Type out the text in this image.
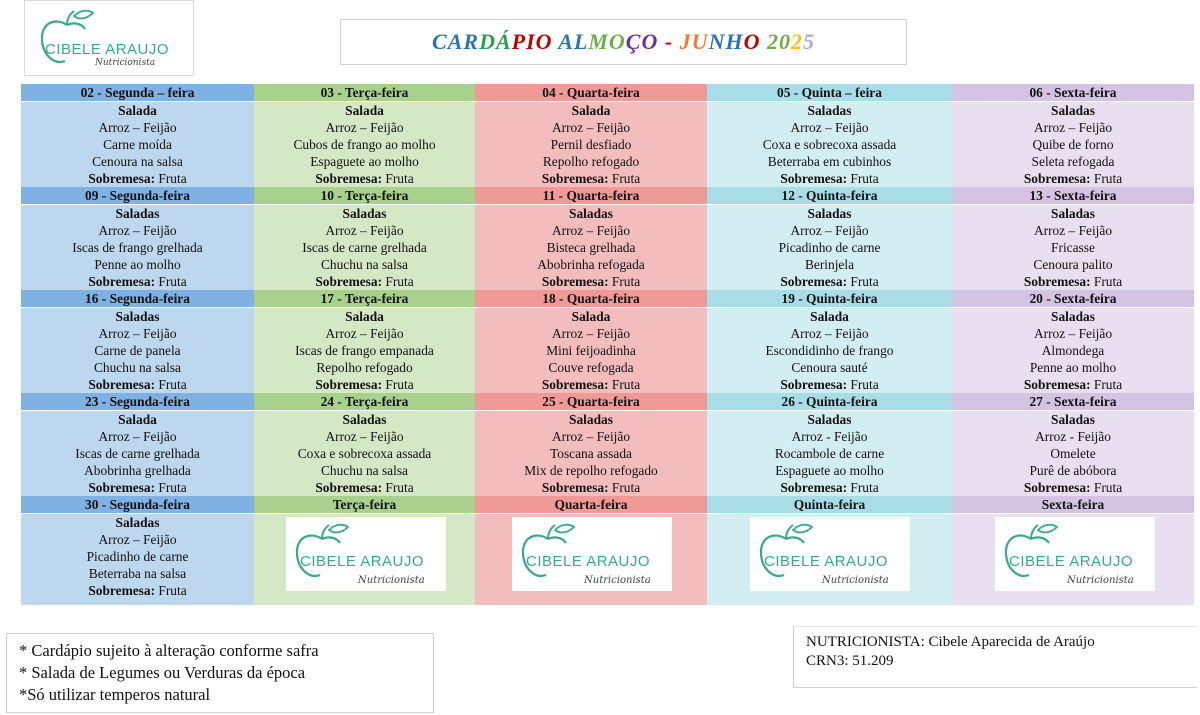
CIBELE ARAUJO
Nutricionista
CARDÁPIO ALMOÇO - JUNHO 2025
02 - Segunda – feira	03 - Terça-feira	04 - Quarta-feira	05 - Quinta – feira	06 - Sexta-feira

Salada
Arroz – Feijão
Carne moída
Cenoura na salsa
Sobremesa: Fruta	Salada
Arroz – Feijão
Cubos de frango ao molho
Espaguete ao molho
Sobremesa: Fruta	Salada
Arroz – Feijão
Pernil desfiado
Repolho refogado
Sobremesa: Fruta	Saladas
Arroz – Feijão
Coxa e sobrecoxa assada
Beterraba em cubinhos
Sobremesa: Fruta	Saladas
Arroz – Feijão
Quibe de forno
Seleta refogada
Sobremesa: Fruta

09 - Segunda-feira	10 - Terça-feira	11 - Quarta-feira	12 - Quinta-feira	13 - Sexta-feira

Saladas
Arroz – Feijão
Iscas de frango grelhada
Penne ao molho
Sobremesa: Fruta	Saladas
Arroz – Feijão
Iscas de carne grelhada
Chuchu na salsa
Sobremesa: Fruta	Saladas
Arroz – Feijão
Bisteca grelhada
Abobrinha refogada
Sobremesa: Fruta	Saladas
Arroz – Feijão
Picadinho de carne
Berinjela
Sobremesa: Fruta	Saladas
Arroz – Feijão
Fricasse
Cenoura palito
Sobremesa: Fruta

16 - Segunda-feira	17 - Terça-feira	18 - Quarta-feira	19 - Quinta-feira	20 - Sexta-feira

Saladas
Arroz – Feijão
Carne de panela
Chuchu na salsa
Sobremesa: Fruta	Salada
Arroz – Feijão
Iscas de frango empanada
Repolho refogado
Sobremesa: Fruta	Salada
Arroz – Feijão
Mini feijoadinha
Couve refogada
Sobremesa: Fruta	Salada
Arroz – Feijão
Escondidinho de frango
Cenoura sauté
Sobremesa: Fruta	Saladas
Arroz – Feijão
Almondega
Penne ao molho
Sobremesa: Fruta

23 - Segunda-feira	24 - Terça-feira	25 - Quarta-feira	26 - Quinta-feira	27 - Sexta-feira

Salada
Arroz – Feijão
Iscas de carne grelhada
Abobrinha grelhada
Sobremesa: Fruta	Saladas
Arroz – Feijão
Coxa e sobrecoxa assada
Chuchu na salsa
Sobremesa: Fruta	Saladas
Arroz – Feijão
Toscana assada
Mix de repolho refogado
Sobremesa: Fruta	Saladas
Arroz - Feijão
Rocambole de carne
Espaguete ao molho
Sobremesa: Fruta	Saladas
Arroz - Feijão
Omelete
Purê de abóbora
Sobremesa: Fruta

30 - Segunda-feira	Terça-feira	Quarta-feira	Quinta-feira	Sexta-feira

Saladas
Arroz – Feijão
Picadinho de carne
Beterraba na salsa
Sobremesa: Fruta	CIBELE ARAUJO
Nutricionista	CIBELE ARAUJO
Nutricionista	CIBELE ARAUJO
Nutricionista	CIBELE ARAUJO
Nutricionista
* Cardápio sujeito à alteração conforme safra
* Salada de Legumes ou Verduras da época
*Só utilizar temperos natural
NUTRICIONISTA: Cibele Aparecida de Araújo
CRN3: 51.209
